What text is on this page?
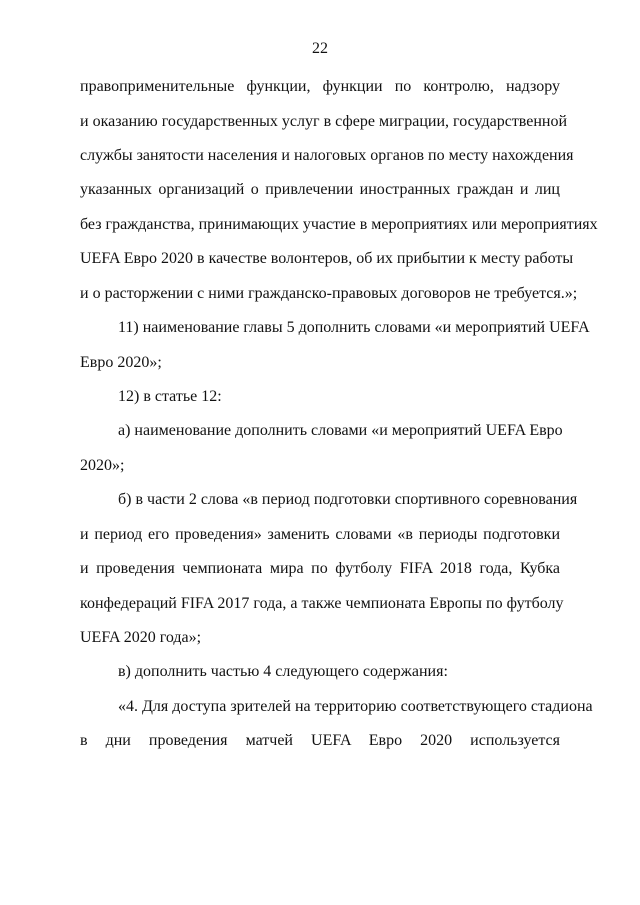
22
правоприменительные функции, функции по контролю, надзору
и оказанию государственных услуг в сфере миграции, государственной
службы занятости населения и налоговых органов по месту нахождения
указанных организаций о привлечении иностранных граждан и лиц
без гражданства, принимающих участие в мероприятиях или мероприятиях
UEFA Евро 2020 в качестве волонтеров, об их прибытии к месту работы
и о расторжении с ними гражданско-правовых договоров не требуется.»;
11) наименование главы 5 дополнить словами «и мероприятий UEFA
Евро 2020»;
12) в статье 12:
а) наименование дополнить словами «и мероприятий UEFA Евро
2020»;
б) в части 2 слова «в период подготовки спортивного соревнования
и период его проведения» заменить словами «в периоды подготовки
и проведения чемпионата мира по футболу FIFA 2018 года, Кубка
конфедераций FIFA 2017 года, а также чемпионата Европы по футболу
UEFA 2020 года»;
в) дополнить частью 4 следующего содержания:
«4. Для доступа зрителей на территорию соответствующего стадиона
в дни проведения матчей UEFA Евро 2020 используется
